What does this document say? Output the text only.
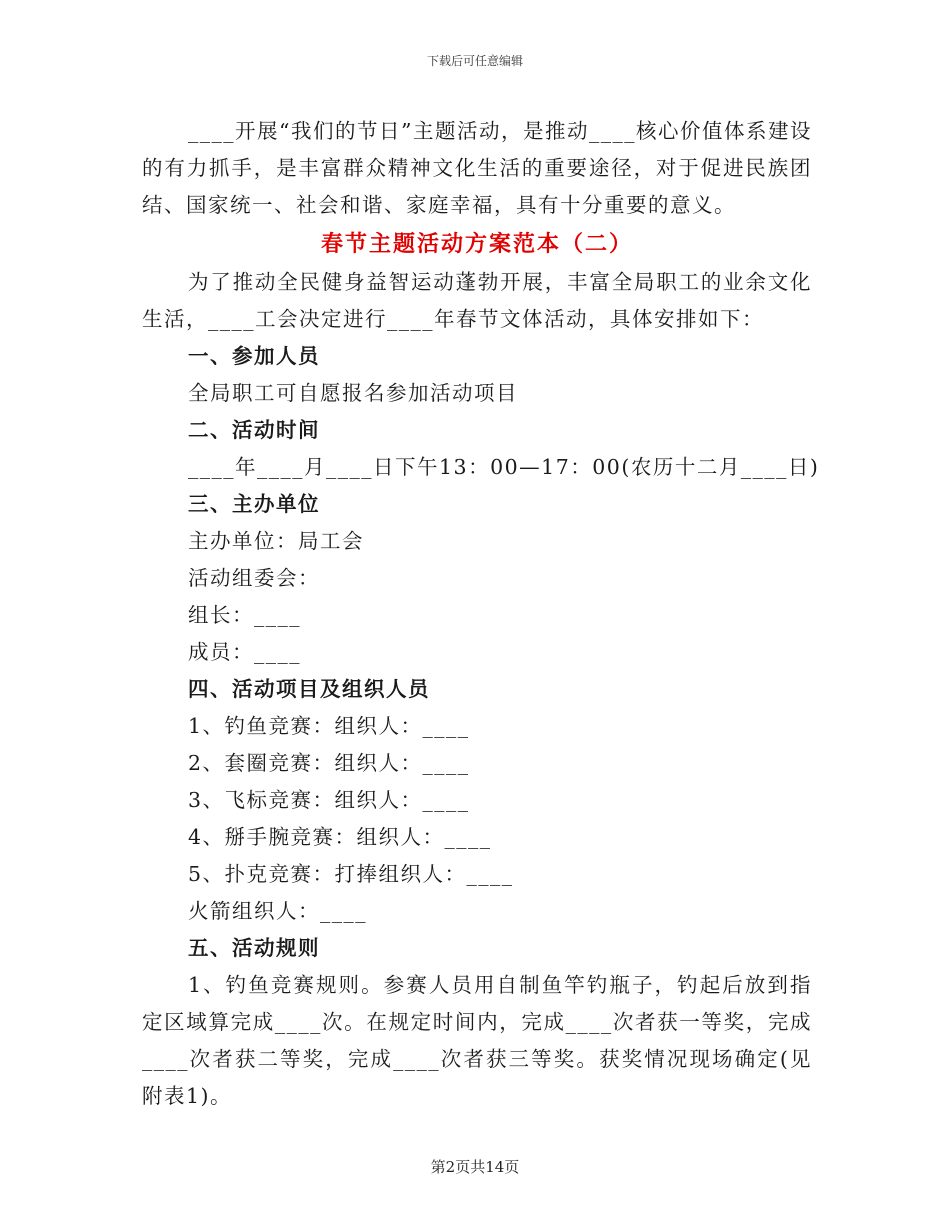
下载后可任意编辑

____开展“我们的节日”主题活动，是推动____核心价值体系建设的有力抓手，是丰富群众精神文化生活的重要途径，对于促进民族团结、国家统一、社会和谐、家庭幸福，具有十分重要的意义。

春节主题活动方案范本（二）

为了推动全民健身益智运动蓬勃开展，丰富全局职工的业余文化生活，____工会决定进行____年春节文体活动，具体安排如下：

一、参加人员
全局职工可自愿报名参加活动项目
二、活动时间
____年____月____日下午13：00—17：00(农历十二月____日)
三、主办单位
主办单位：局工会
活动组委会：
组长：____
成员：____
四、活动项目及组织人员
1、钓鱼竞赛：组织人：____
2、套圈竞赛：组织人：____
3、飞标竞赛：组织人：____
4、掰手腕竞赛：组织人：____
5、扑克竞赛：打捧组织人：____
火箭组织人：____
五、活动规则

1、钓鱼竞赛规则。参赛人员用自制鱼竿钓瓶子，钓起后放到指定区域算完成____次。在规定时间内，完成____次者获一等奖，完成____次者获二等奖，完成____次者获三等奖。获奖情况现场确定(见附表1)。

第2页共14页
